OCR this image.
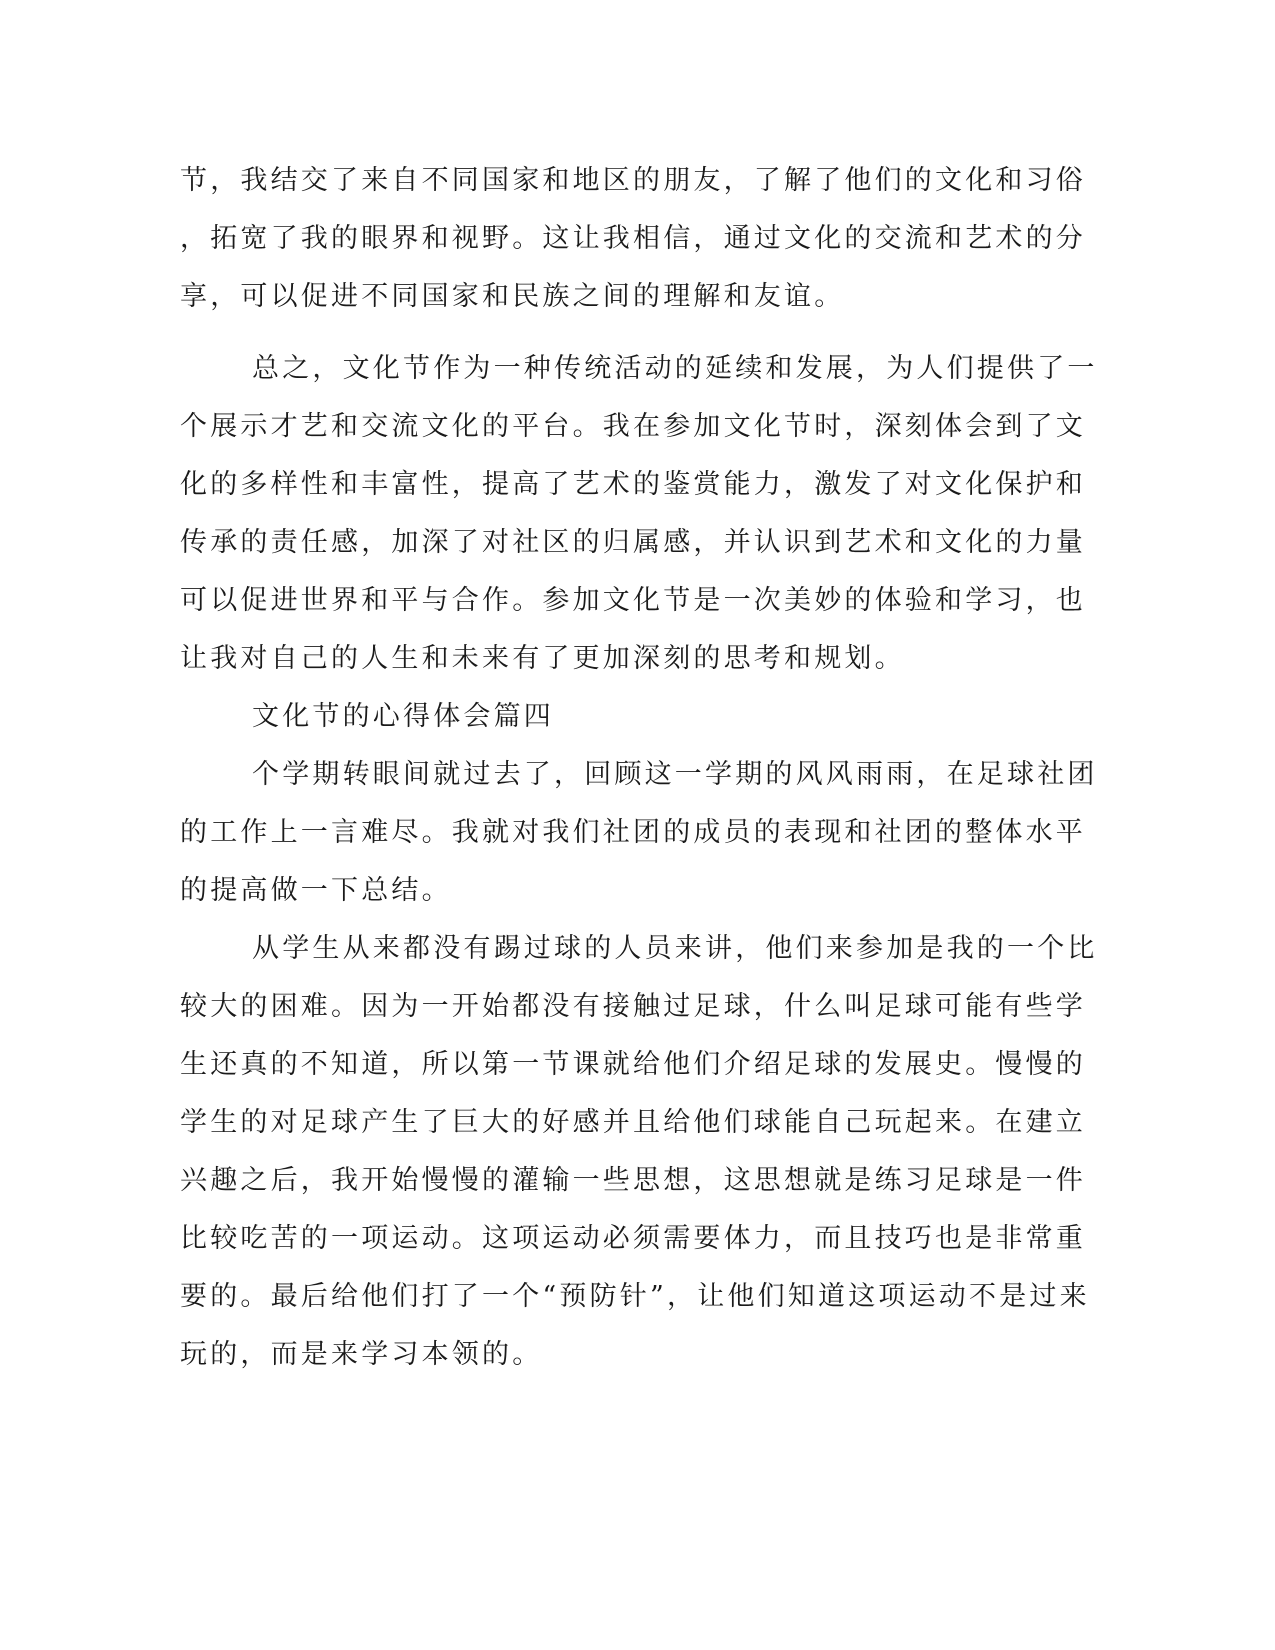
节，我结交了来自不同国家和地区的朋友，了解了他们的文化和习俗
，拓宽了我的眼界和视野。这让我相信，通过文化的交流和艺术的分
享，可以促进不同国家和民族之间的理解和友谊。
总之，文化节作为一种传统活动的延续和发展，为人们提供了一
个展示才艺和交流文化的平台。我在参加文化节时，深刻体会到了文
化的多样性和丰富性，提高了艺术的鉴赏能力，激发了对文化保护和
传承的责任感，加深了对社区的归属感，并认识到艺术和文化的力量
可以促进世界和平与合作。参加文化节是一次美妙的体验和学习，也
让我对自己的人生和未来有了更加深刻的思考和规划。
文化节的心得体会篇四
个学期转眼间就过去了，回顾这一学期的风风雨雨，在足球社团
的工作上一言难尽。我就对我们社团的成员的表现和社团的整体水平
的提高做一下总结。
从学生从来都没有踢过球的人员来讲，他们来参加是我的一个比
较大的困难。因为一开始都没有接触过足球，什么叫足球可能有些学
生还真的不知道，所以第一节课就给他们介绍足球的发展史。慢慢的
学生的对足球产生了巨大的好感并且给他们球能自己玩起来。在建立
兴趣之后，我开始慢慢的灌输一些思想，这思想就是练习足球是一件
比较吃苦的一项运动。这项运动必须需要体力，而且技巧也是非常重
要的。最后给他们打了一个“预防针”，让他们知道这项运动不是过来
玩的，而是来学习本领的。
